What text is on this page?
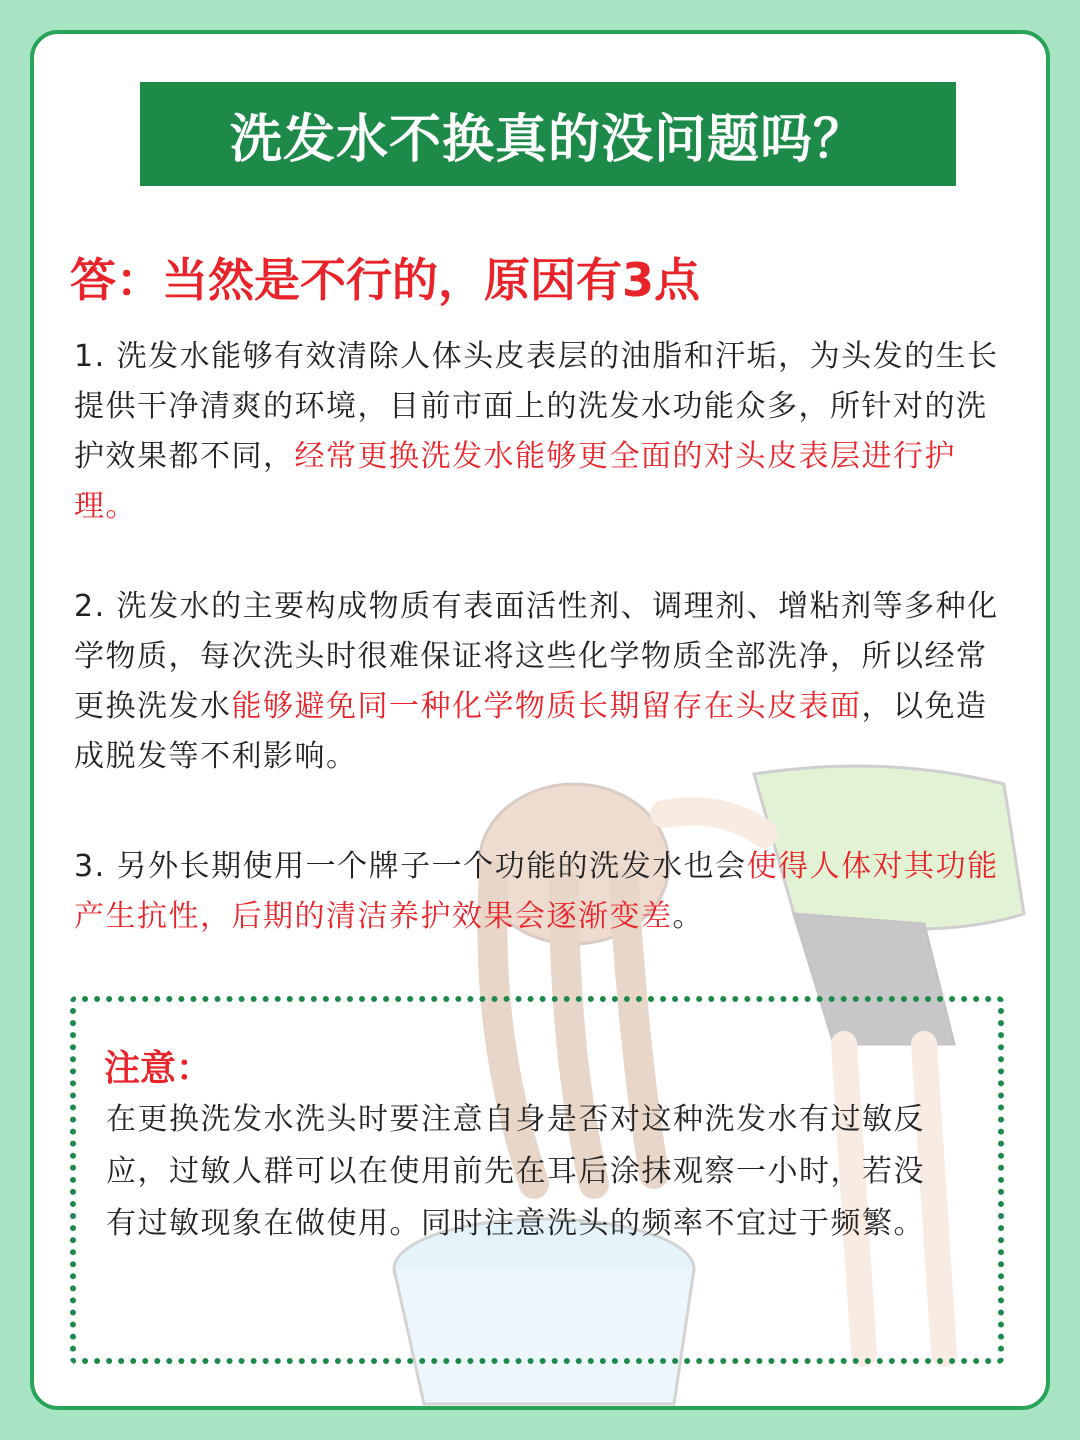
洗发水不换真的没问题吗？
答：当然是不行的，原因有3点
1. 洗发水能够有效清除人体头皮表层的油脂和汗垢，为头发的生长提供干净清爽的环境，目前市面上的洗发水功能众多，所针对的洗护效果都不同，经常更换洗发水能够更全面的对头皮表层进行护理。
2. 洗发水的主要构成物质有表面活性剂、调理剂、增粘剂等多种化学物质，每次洗头时很难保证将这些化学物质全部洗净，所以经常更换洗发水能够避免同一种化学物质长期留存在头皮表面，以免造成脱发等不利影响。
3. 另外长期使用一个牌子一个功能的洗发水也会使得人体对其功能产生抗性，后期的清洁养护效果会逐渐变差。
注意：
在更换洗发水洗头时要注意自身是否对这种洗发水有过敏反应，过敏人群可以在使用前先在耳后涂抹观察一小时，若没有过敏现象在做使用。同时注意洗头的频率不宜过于频繁。
